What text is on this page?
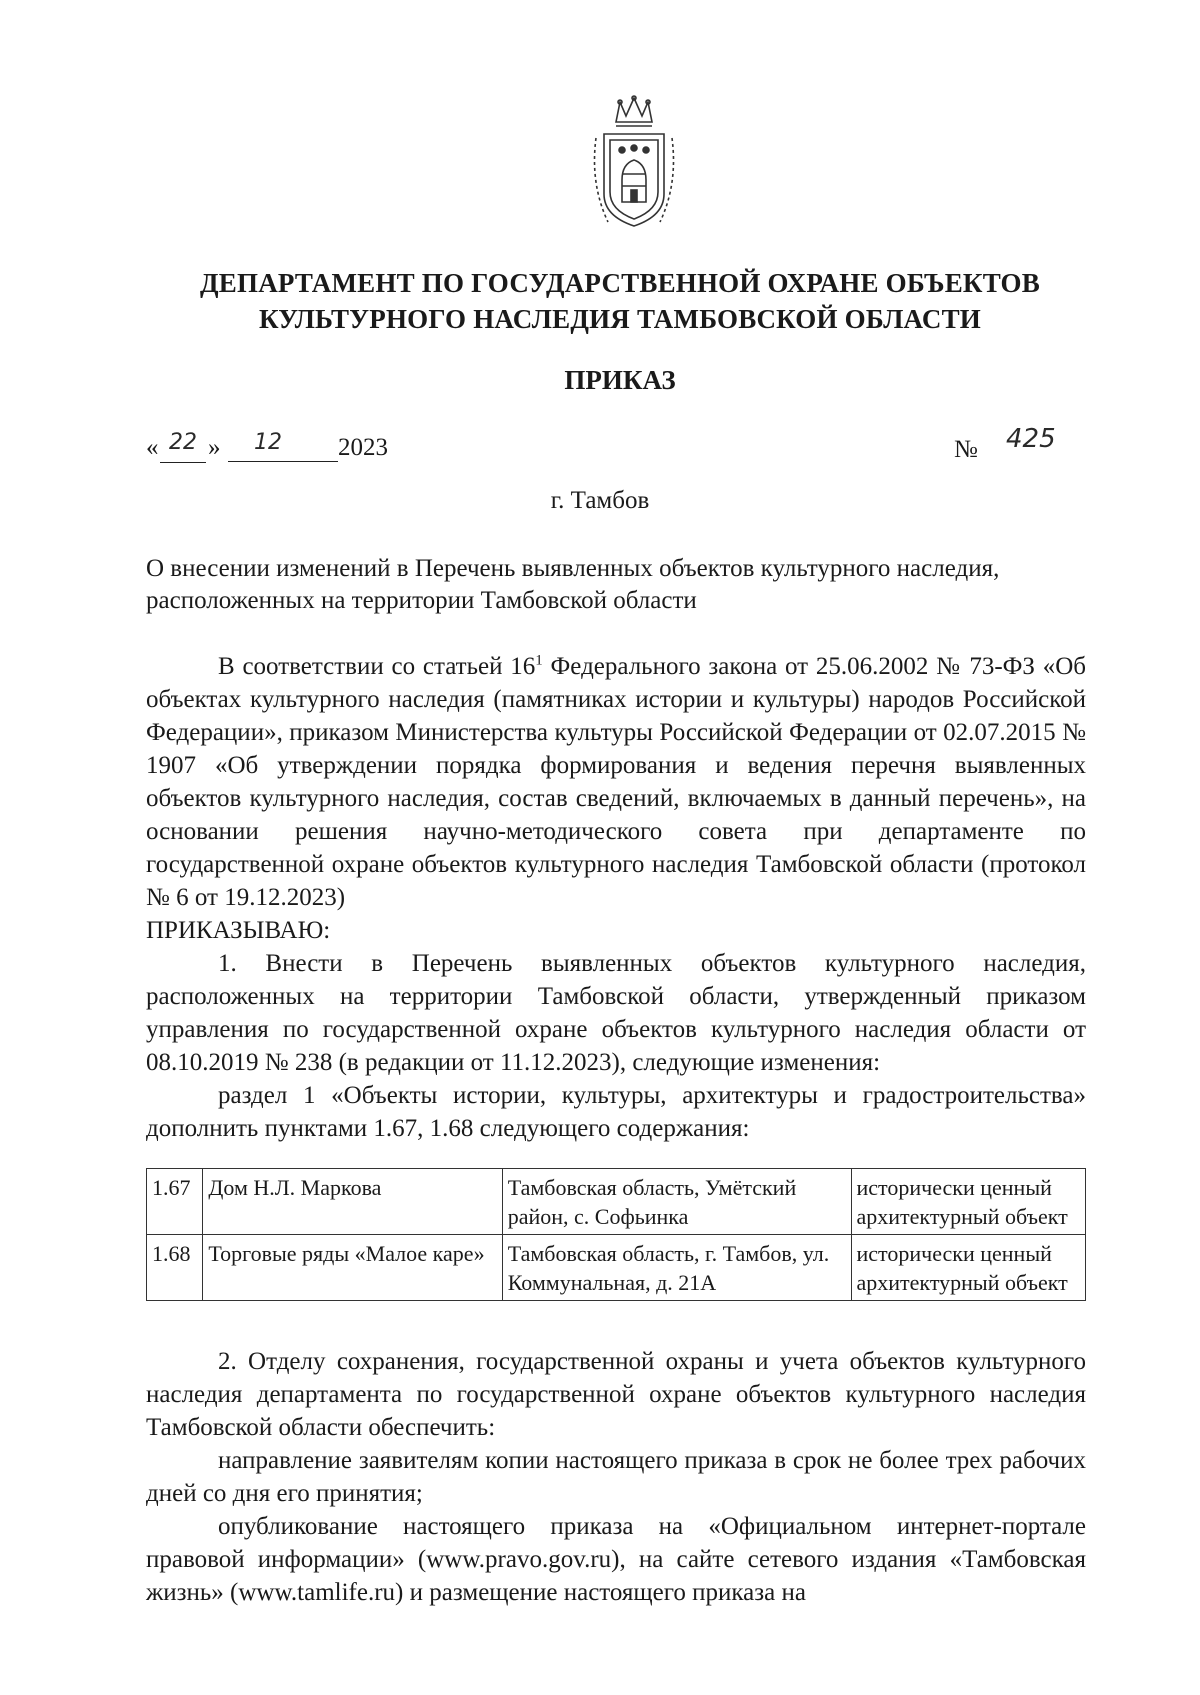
ДЕПАРТАМЕНТ ПО ГОСУДАРСТВЕННОЙ ОХРАНЕ ОБЪЕКТОВ
КУЛЬТУРНОГО НАСЛЕДИЯ ТАМБОВСКОЙ ОБЛАСТИ
ПРИКАЗ
« 22 »	12	2023	№ 425
г. Тамбов
О внесении изменений в Перечень выявленных объектов культурного наследия, расположенных на территории Тамбовской области

В соответствии со статьей $16^1$ Федерального закона от 25.06.2002 № 73-ФЗ «Об объектах культурного наследия (памятниках истории и культуры) народов Российской Федерации», приказом Министерства культуры Российской Федерации от 02.07.2015 № 1907 «Об утверждении порядка формирования и ведения перечня выявленных объектов культурного наследия, состав сведений, включаемых в данный перечень», на основании решения научно-методического совета при департаменте по государственной охране объектов культурного наследия Тамбовской области (протокол № 6 от 19.12.2023)

ПРИКАЗЫВАЮ:

1. Внести в Перечень выявленных объектов культурного наследия, расположенных на территории Тамбовской области, утвержденный приказом управления по государственной охране объектов культурного наследия области от 08.10.2019 № 238 (в редакции от 11.12.2023), следующие изменения:

раздел 1 «Объекты истории, культуры, архитектуры и градостроительства» дополнить пунктами 1.67, 1.68 следующего содержания:

1.67	Дом Н.Л. Маркова	Тамбовская область, Умётский район, с. Софьинка	исторически ценный архитектурный объект
1.68	Торговые ряды «Малое каре»	Тамбовская область, г. Тамбов, ул. Коммунальная, д. 21А	исторически ценный архитектурный объект

2. Отделу сохранения, государственной охраны и учета объектов культурного наследия департамента по государственной охране объектов культурного наследия Тамбовской области обеспечить:

направление заявителям копии настоящего приказа в срок не более трех рабочих дней со дня его принятия;

опубликование настоящего приказа на «Официальном интернет-портале правовой информации» (www.pravo.gov.ru), на сайте сетевого издания «Тамбовская жизнь» (www.tamlife.ru) и размещение настоящего приказа на
